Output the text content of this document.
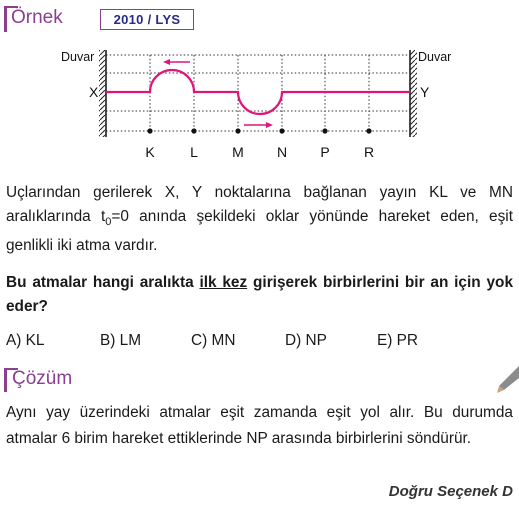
Örnek	2010 / LYS
Duvar	Duvar
X	Y
K	L M N P R
Uçlarından gerilerek X, Y noktalarına bağlanan yayın KL ve MN aralıklarında $t_0=0$ anında şekildeki oklar yönünde hareket eden, eşit genlikli iki atma vardır.
Bu atmalar hangi aralıkta ilk kez girişerek birbirlerini bir an için yok eder?
A) KL	B) LM	C) MN	D) NP	E) PR
Çözüm
Aynı yay üzerindeki atmalar eşit zamanda eşit yol alır. Bu durumda atmalar 6 birim hareket ettiklerinde NP arasında birbirlerini söndürür.
Doğru Seçenek D
